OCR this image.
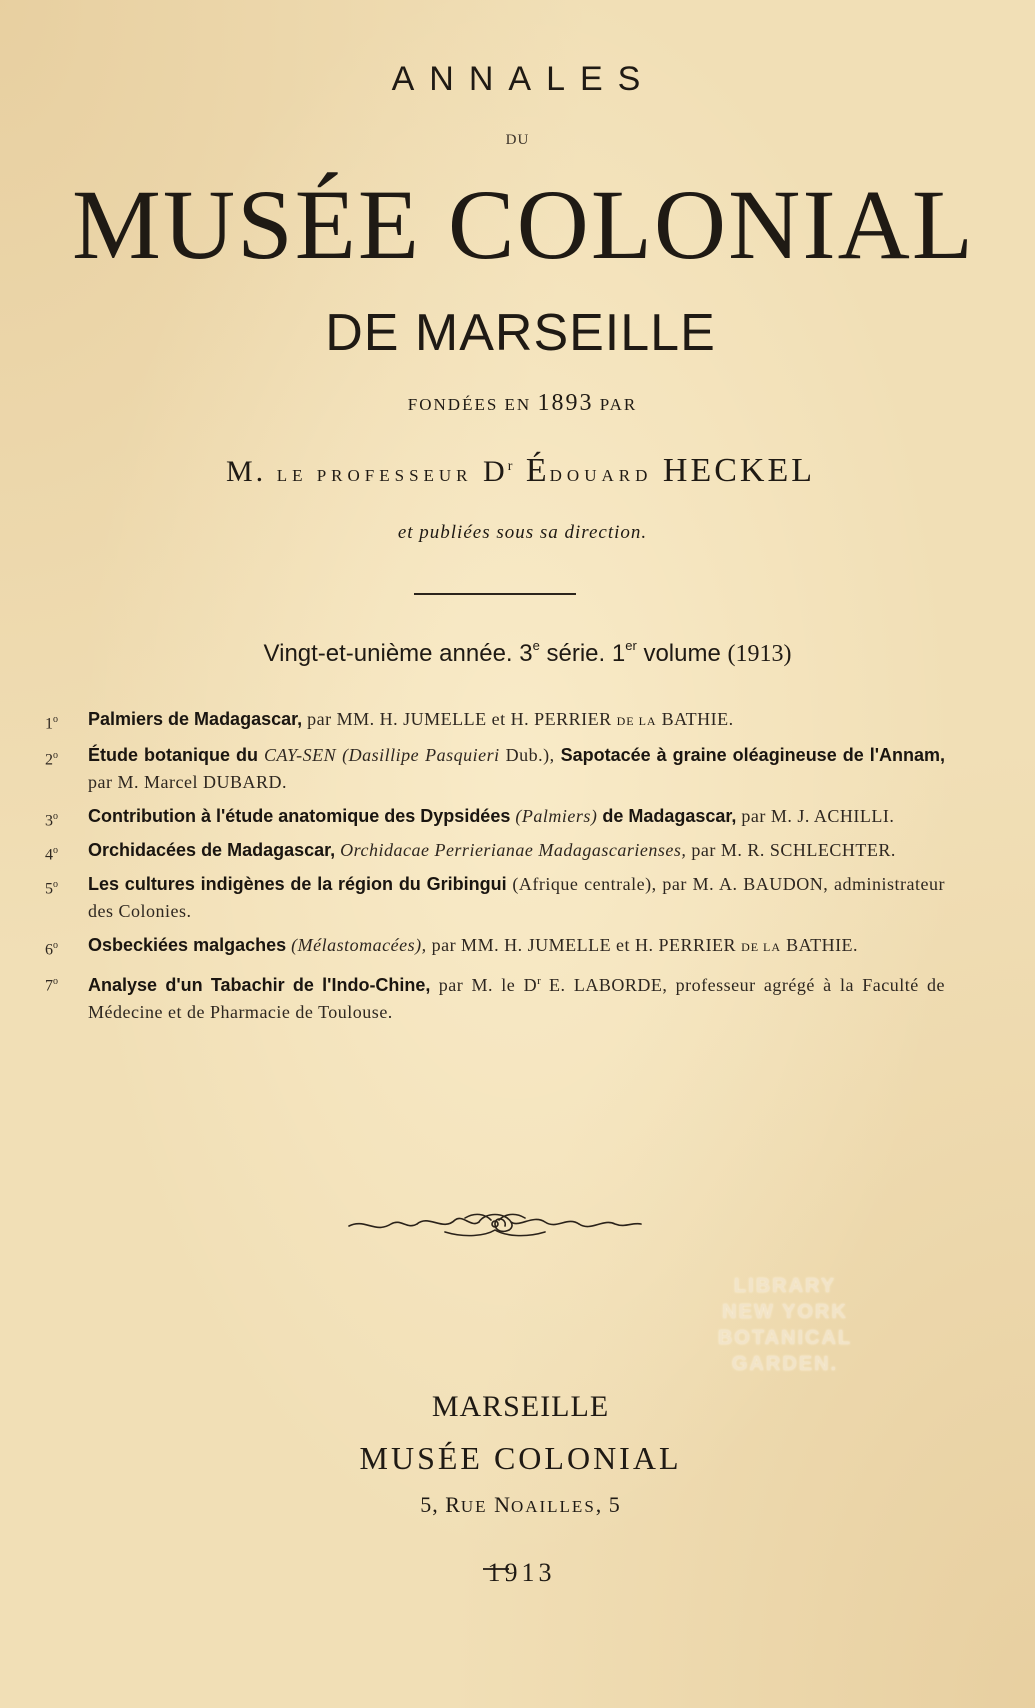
ANNALES
DU
MUSÉE COLONIAL
DE MARSEILLE
FONDÉES EN 1893 PAR
M. LE PROFESSEUR $D^r$ ÉDOUARD HECKEL
et publiées sous sa direction.
Vingt-et-unième année. 3e série. 1er volume (1913)
1$^o$ Palmiers de Madagascar, par MM. H. JUMELLE et H. PERRIER DE LA BATHIE.
2$^o$ Étude botanique du CAY-SEN (Dasillipe Pasquieri Dub.), Sapotacée à graine oléagineuse de l'Annam, par M. Marcel DUBARD.
3$^o$ Contribution à l'étude anatomique des Dypsidées (Palmiers) de Madagascar, par M. J. ACHILLI.
4$^o$ Orchidacées de Madagascar, Orchidacae Perrierianae Madagascarienses, par M. R. SCHLECHTER.
5$^o$ Les cultures indigènes de la région du Gribingui (Afrique centrale), par M. A. BAUDON, administrateur des Colonies.
6$^o$ Osbeckiées malgaches (Mélastomacées), par MM. H. JUMELLE et H. PERRIER DE LA BATHIE.
7$^o$ Analyse d'un Tabachir de l'Indo-Chine, par M. le $D^r$ E. LABORDE, professeur agrégé à la Faculté de Médecine et de Pharmacie de Toulouse.
LIBRARY
NEW YORK
BOTANICAL
GARDEN.
MARSEILLE
MUSÉE COLONIAL
5, RUE NOAILLES, 5
1913
